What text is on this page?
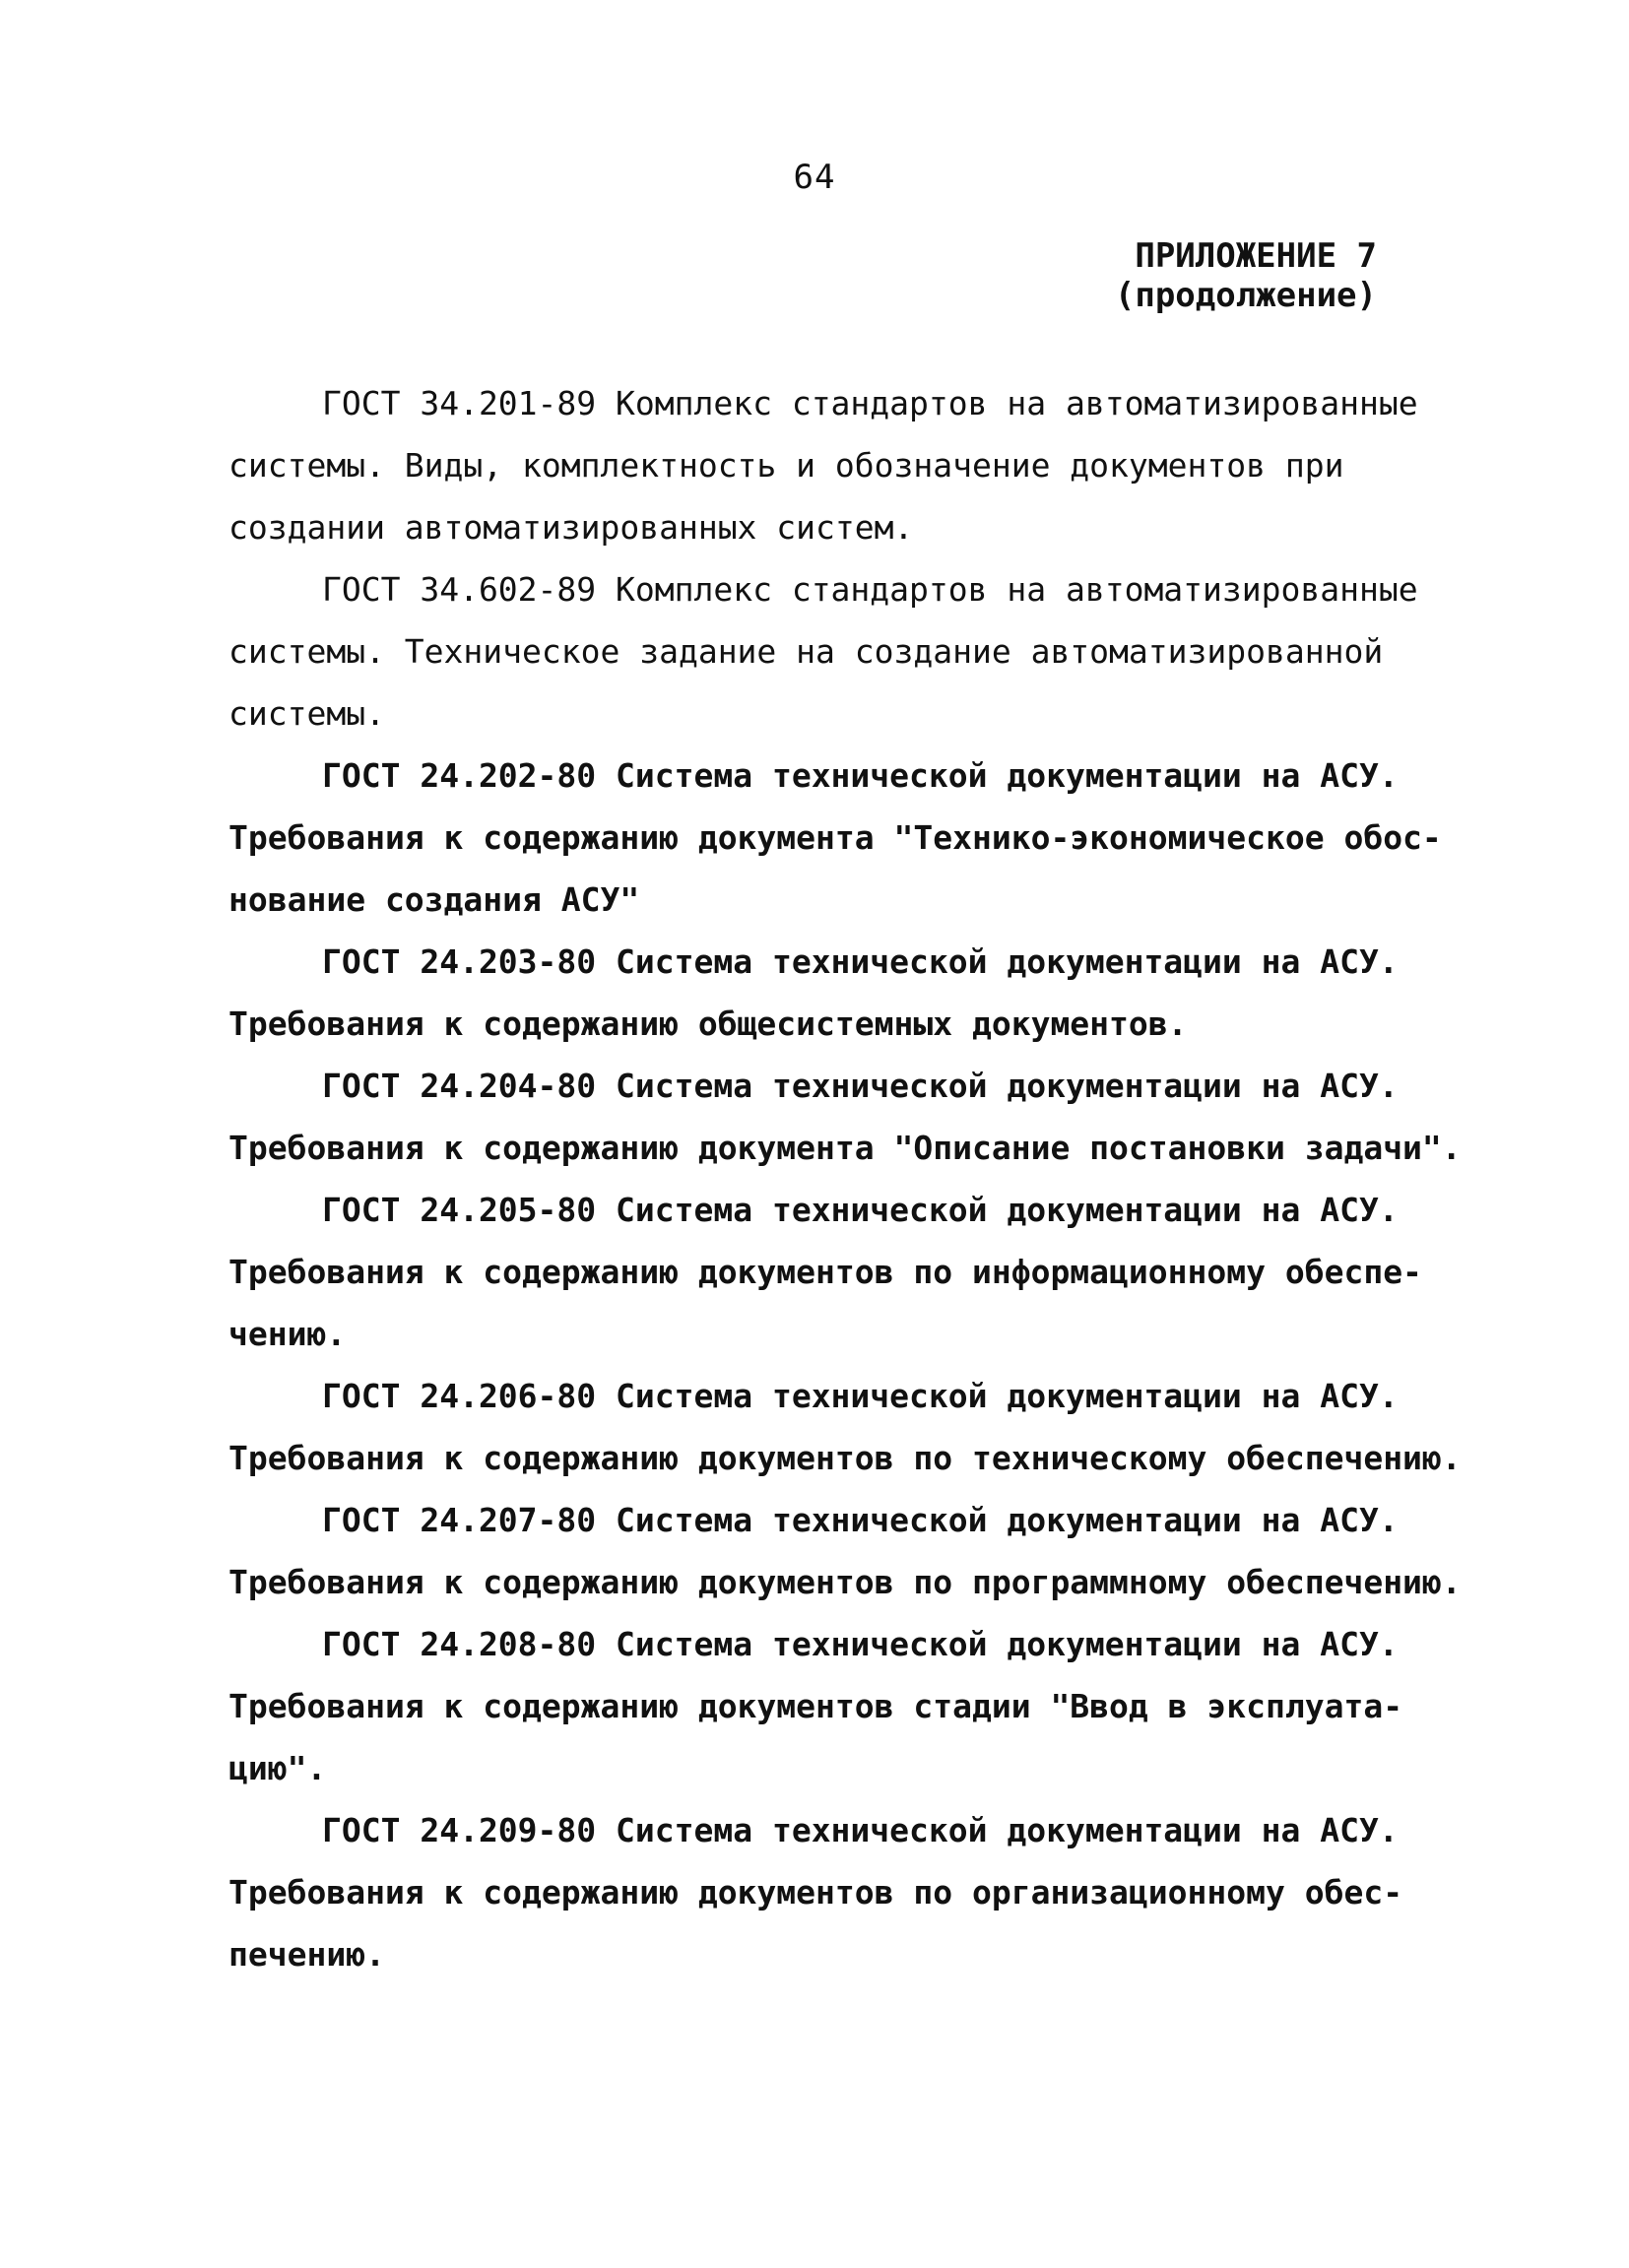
64
ПРИЛОЖЕНИЕ 7
(продолжение)
ГОСТ 34.201-89 Комплекс стандартов на автоматизированные
системы. Виды, комплектность и обозначение документов при
создании автоматизированных систем.
ГОСТ 34.602-89 Комплекс стандартов на автоматизированные
системы. Техническое задание на создание автоматизированной
системы.
ГОСТ 24.202-80 Система технической документации на АСУ.
Требования к содержанию документа "Технико-экономическое обос-
нование создания АСУ"
ГОСТ 24.203-80 Система технической документации на АСУ.
Требования к содержанию общесистемных документов.
ГОСТ 24.204-80 Система технической документации на АСУ.
Требования к содержанию документа "Описание постановки задачи".
ГОСТ 24.205-80 Система технической документации на АСУ.
Требования к содержанию документов по информационному обеспе-
чению.
ГОСТ 24.206-80 Система технической документации на АСУ.
Требования к содержанию документов по техническому обеспечению.
ГОСТ 24.207-80 Система технической документации на АСУ.
Требования к содержанию документов по программному обеспечению.
ГОСТ 24.208-80 Система технической документации на АСУ.
Требования к содержанию документов стадии "Ввод в эксплуата-
цию".
ГОСТ 24.209-80 Система технической документации на АСУ.
Требования к содержанию документов по организационному обес-
печению.
